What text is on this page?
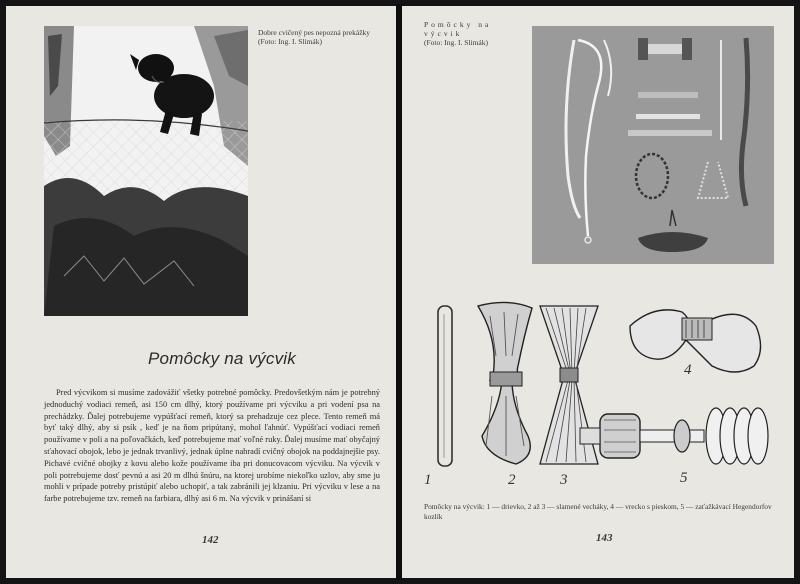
Dobre cvičený pes nepozná prekážky
(Foto: Ing. I. Slimák)
Pomôcky na výcvik

Pred výcvikom si musíme zadovážiť všetky potrebné pomôcky. Predovšetkým nám je potrebný jednoduchý vodiaci remeň, asi 150 cm dlhý, ktorý používame pri výcviku a pri vodení psa na prechádzky. Ďalej potrebujeme vypúšťací remeň, ktorý sa prehadzuje cez plece. Tento remeň má byť taký dlhý, aby si psík , keď je na ňom pripútaný, mohol ľahnúť. Vypúšťací vodiaci remeň používame v poli a na poľovačkách, keď potrebujeme mať voľné ruky. Ďalej musíme mať obyčajný sťahovací obojok, lebo je jednak trvanlivý, jednak úplne nahradí cvičný obojok na poddajnejšie psy. Pichavé cvičné obojky z kovu alebo kože používame iba pri donucovacom výcviku. Na výcvik v poli potrebujeme dosť pevnú a asi 20 m dlhú šnúru, na ktorej urobíme niekoľko uzlov, aby sme ju mohli v prípade potreby pristúpiť alebo uchopiť, a tak zabránili jej klzaniu. Pri výcviku v lese a na farbe potrebujeme tzv. remeň na farbiara, dlhý asi 6 m. Na výcvik v prinášaní si

142
Pomôcky na výcvik
(Foto: Ing. I. Slimák)
1	2	3
4
5
Pomôcky na výcvik: 1 — drievko, 2 až 3 — slamené vecháky, 4 — vrecko s pieskom, 5 — zaťažkávací Hegendorfov kozlík
143
